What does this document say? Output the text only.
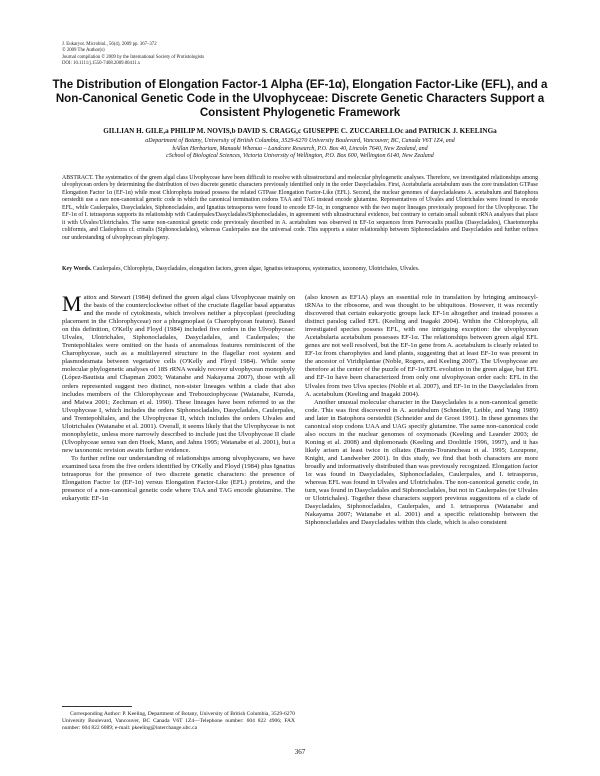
J. Eukaryot. Microbiol., 56(4), 2009 pp. 367–372
© 2009 The Author(s)
Journal compilation © 2009 by the International Society of Protistologists
DOI: 10.1111/j.1550-7408.2009.00411.x
The Distribution of Elongation Factor-1 Alpha (EF-1α), Elongation Factor-Like (EFL), and a Non-Canonical Genetic Code in the Ulvophyceae: Discrete Genetic Characters Support a Consistent Phylogenetic Framework
GILLIAN H. GILE,a PHILIP M. NOVIS,b DAVID S. CRAGG,c GIUSEPPE C. ZUCCARELLOc and PATRICK J. KEELINGa
aDepartment of Botany, University of British Columbia, 3529-6270 University Boulevard, Vancouver, BC, Canada V6T 1Z4, and
bAllan Herbarium, Manaaki Whenua – Landcare Research, P.O. Box 40, Lincoln 7640, New Zealand, and
cSchool of Biological Sciences, Victoria University of Wellington, P.O. Box 600, Wellington 6140, New Zealand
ABSTRACT. The systematics of the green algal class Ulvophyceae have been difficult to resolve with ultrastructural and molecular phylogenetic analyses. Therefore, we investigated relationships among ulvophycean orders by determining the distribution of two discrete genetic characters previously identified only in the order Dasycladales. First, Acetabularia acetabulum uses the core translation GTPase Elongation Factor 1α (EF-1α) while most Chlorophyta instead possess the related GTPase Elongation Factor-Like (EFL). Second, the nuclear genomes of dasycladaleans A. acetabulum and Batophora oerstedtii use a rare non-canonical genetic code in which the canonical termination codons TAA and TAG instead encode glutamine. Representatives of Ulvales and Ulotrichales were found to encode EFL, while Caulerpales, Dasycladales, Siphonocladales, and Ignatius tetrasporus were found to encode EF-1α, in congruence with the two major lineages previously proposed for the Ulvophyceae. The EF-1α of I. tetrasporus supports its relationship with Caulerpales/Dasycladales/Siphonocladales, in agreement with ultrastructural evidence, but contrary to certain small subunit rRNA analyses that place it with Ulvales/Ulotrichales. The same non-canonical genetic code previously described in A. acetabulum was observed in EF-1α sequences from Parvocaulis pusillus (Dasycladales), Chaetomorpha coliformis, and Cladophora cf. crinalis (Siphonocladales), whereas Caulerpales use the universal code. This supports a sister relationship between Siphonocladales and Dasycladales and further refines our understanding of ulvophycean phylogeny.
Key Words. Caulerpales, Chlorophyta, Dasycladales, elongation factors, green algae, Ignatius tetrasporus, systematics, taxonomy, Ulotrichales, Ulvales.

Mattox and Stewart (1984) defined the green algal class Ulvophyceae mainly on the basis of the counterclockwise offset of the cruciate flagellar basal apparatus and the mode of cytokinesis, which involves neither a phycoplast (precluding placement in the Chlorophyceae) nor a phragmoplast (a Charophycean feature). Based on this definition, O'Kelly and Floyd (1984) included five orders in the Ulvophyceae: Ulvales, Ulotrichales, Siphonocladales, Dasycladales, and Caulerpales; the Trentepohliales were omitted on the basis of anomalous features reminiscent of the Charophyceae, such as a multilayered structure in the flagellar root system and plasmodesmata between vegetative cells (O'Kelly and Floyd 1984). While some molecular phylogenetic analyses of 18S rRNA weakly recover ulvophycean monophyly (López-Bautista and Chapman 2003; Watanabe and Nakayama 2007), those with all orders represented suggest two distinct, non-sister lineages within a clade that also includes members of the Chlorophyceae and Trebouxiophyceae (Watanabe, Kuroda, and Maiwa 2001; Zechman et al. 1990). These lineages have been referred to as the Ulvophyceae I, which includes the orders Siphonocladales, Dasycladales, Caulerpales, and Trentepohliales, and the Ulvophyceae II, which includes the orders Ulvales and Ulotrichales (Watanabe et al. 2001). Overall, it seems likely that the Ulvophyceae is not monophyletic, unless more narrowly described to include just the Ulvophyceae II clade (Ulvophyceae sensu van den Hoek, Mann, and Jahns 1995; Watanabe et al. 2001), but a new taxonomic revision awaits further evidence.

To further refine our understanding of relationships among ulvophyceans, we have examined taxa from the five orders identified by O'Kelly and Floyd (1984) plus Ignatius tetrasporus for the presence of two discrete genetic characters: the presence of Elongation Factor 1α (EF-1α) versus Elongation Factor-Like (EFL) proteins, and the presence of a non-canonical genetic code where TAA and TAG encode glutamine. The eukaryotic EF-1α

(also known as EF1A) plays an essential role in translation by bringing aminoacyl-tRNAs to the ribosome, and was thought to be ubiquitous. However, it was recently discovered that certain eukaryotic groups lack EF-1α altogether and instead possess a distinct paralog called EFL (Keeling and Inagaki 2004). Within the Chlorophyta, all investigated species possess EFL, with one intriguing exception: the ulvophycean Acetabularia acetabulum possesses EF-1α. The relationships between green algal EFL genes are not well resolved, but the EF-1α gene from A. acetabulum is clearly related to EF-1α from charophytes and land plants, suggesting that at least EF-1α was present in the ancestor of Viridiplantae (Noble, Rogers, and Keeling 2007). The Ulvophyceae are therefore at the center of the puzzle of EF-1α/EFL evolution in the green algae, but EFL and EF-1α have been characterized from only one ulvophycean order each: EFL in the Ulvales from two Ulva species (Noble et al. 2007), and EF-1α in the Dasycladales from A. acetabulum (Keeling and Inagaki 2004).

Another unusual molecular character in the Dasycladales is a non-canonical genetic code. This was first discovered in A. acetabulum (Schneider, Leible, and Yang 1989) and later in Batophora oerstedtii (Schneider and de Groot 1991). In these genomes the canonical stop codons UAA and UAG specify glutamine. The same non-canonical code also occurs in the nuclear genomes of oxymonads (Keeling and Leander 2003; de Koning et al. 2008) and diplomonads (Keeling and Doolittle 1996, 1997), and it has likely arisen at least twice in ciliates (Baroin-Tourancheau et al. 1995; Lozupone, Knight, and Landweber 2001). In this study, we find that both characters are more broadly and informatively distributed than was previously recognized. Elongation factor 1α was found in Dasycladales, Siphonocladales, Caulerpales, and I. tetrasporus, whereas EFL was found in Ulvales and Ulotrichales. The non-canonical genetic code, in turn, was found in Dasycladales and Siphonocladales, but not in Caulerpales (or Ulvales or Ulotrichales). Together these characters support previous suggestions of a clade of Dasycladales, Siphonocladales, Caulerpales, and I. tetrasporus (Watanabe and Nakayama 2007; Watanabe et al. 2001) and a specific relationship between the Siphonocladales and Dasycladales within this clade, which is also consistent

Corresponding Author: P. Keeling, Department of Botany, University of British Columbia, 3529-6270 University Boulevard, Vancouver, BC Canada V6T 1Z4—Telephone number: 604 822 4906; FAX number: 604 822 6089; e-mail: pkeeling@interchange.ubc.ca
367
